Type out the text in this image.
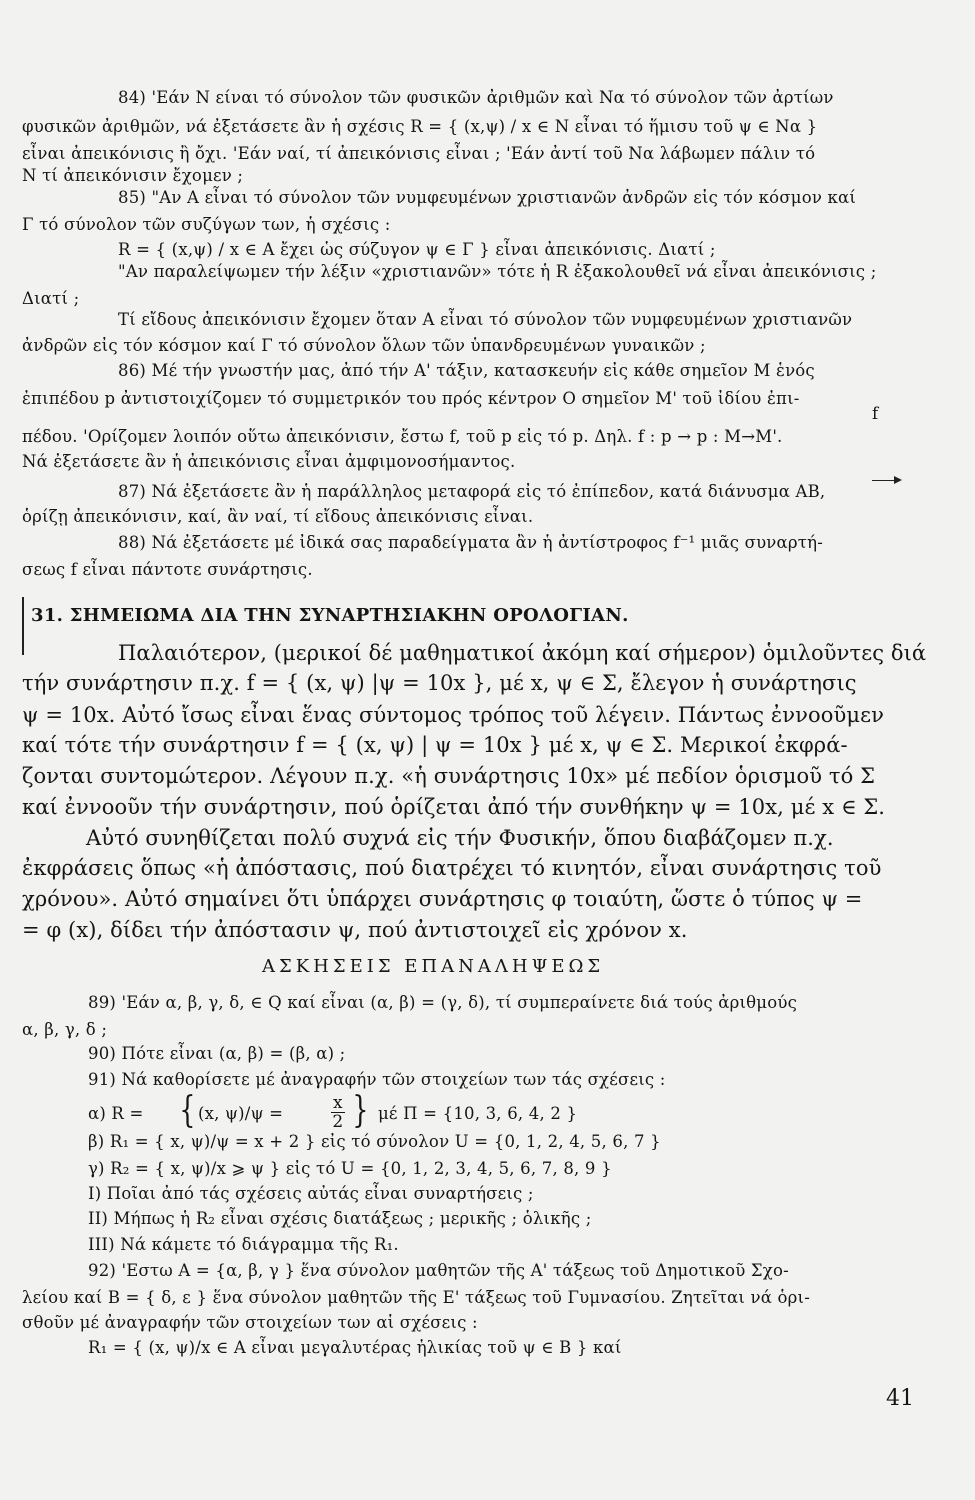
84) 'Εάν Ν είναι τό σύνολον τῶν φυσικῶν ἀριθμῶν καὶ Nα τό σύνολον τῶν ἀρτίων
φυσικῶν ἀριθμῶν, νά ἐξετάσετε ἂν ἡ σχέσις R = { (x,ψ) / x ∈ N εἶναι τό ἥμισυ τοῦ ψ ∈ Nα }
εἶναι ἀπεικόνισις ἢ ὄχι. 'Εάν ναί, τί ἀπεικόνισις εἶναι ; 'Εάν ἀντί τοῦ Nα λάβωμεν πάλιν τό
N τί ἀπεικόνισιν ἔχομεν ;
85) "Αν Α εἶναι τό σύνολον τῶν νυμφευμένων χριστιανῶν ἀνδρῶν εἰς τόν κόσμον καί
Γ τό σύνολον τῶν συζύγων των, ἡ σχέσις :
R = { (x,ψ) / x ∈ A ἔχει ὡς σύζυγον ψ ∈ Γ } εἶναι ἀπεικόνισις. Διατί ;
"Αν παραλείψωμεν τήν λέξιν «χριστιανῶν» τότε ἡ R ἐξακολουθεῖ νά εἶναι ἀπεικόνισις ;
Διατί ;
Τί εἴδους ἀπεικόνισιν ἔχομεν ὅταν Α εἶναι τό σύνολον τῶν νυμφευμένων χριστιανῶν
ἀνδρῶν εἰς τόν κόσμον καί Γ τό σύνολον ὅλων τῶν ὑπανδρευμένων γυναικῶν ;
86) Μέ τήν γνωστήν μας, ἀπό τήν Α' τάξιν, κατασκευήν εἰς κάθε σημεῖον Μ ἑνός
ἐπιπέδου p ἀντιστοιχίζομεν τό συμμετρικόν του πρός κέντρον Ο σημεῖον Μ' τοῦ ἰδίου ἐπι-
πέδου. 'Ορίζομεν λοιπόν οὕτω ἀπεικόνισιν, ἔστω f, τοῦ p εἰς τό p. Δηλ. f : p → p : M→M'.
Νά ἐξετάσετε ἂν ἡ ἀπεικόνισις εἶναι ἀμφιμονοσήμαντος.
87) Νά ἐξετάσετε ἂν ἡ παράλληλος μεταφορά εἰς τό ἐπίπεδον, κατά διάνυσμα AB,
ὁρίζῃ ἀπεικόνισιν, καί, ἂν ναί, τί εἴδους ἀπεικόνισις εἶναι.
88) Νά ἐξετάσετε μέ ἰδικά σας παραδείγματα ἂν ἡ ἀντίστροφος f⁻¹ μιᾶς συναρτή-
σεως f εἶναι πάντοτε συνάρτησις.
31. ΣΗΜΕΙΩΜΑ ΔΙΑ ΤΗΝ ΣΥΝΑΡΤΗΣΙΑΚΗΝ ΟΡΟΛΟΓΙΑΝ.
Παλαιότερον, (μερικοί δέ μαθηματικοί ἀκόμη καί σήμερον) ὁμιλοῦντες διά
τήν συνάρτησιν π.χ. f = { (x, ψ) |ψ = 10x }, μέ x, ψ ∈ Σ, ἔλεγον ἡ συνάρτησις
ψ = 10x. Αὐτό ἴσως εἶναι ἕνας σύντομος τρόπος τοῦ λέγειν. Πάντως ἐννοοῦμεν
καί τότε τήν συνάρτησιν f = { (x, ψ) | ψ = 10x } μέ x, ψ ∈ Σ. Μερικοί ἐκφρά-
ζονται συντομώτερον. Λέγουν π.χ. «ἡ συνάρτησις 10x» μέ πεδίον ὁρισμοῦ τό Σ
καί ἐννοοῦν τήν συνάρτησιν, πού ὁρίζεται ἀπό τήν συνθήκην ψ = 10x, μέ x ∈ Σ.
Αὐτό συνηθίζεται πολύ συχνά εἰς τήν Φυσικήν, ὅπου διαβάζομεν π.χ.
ἐκφράσεις ὅπως «ἡ ἀπόστασις, πού διατρέχει τό κινητόν, εἶναι συνάρτησις τοῦ
χρόνου». Αὐτό σημαίνει ὅτι ὑπάρχει συνάρτησις φ τοιαύτη, ὥστε ὁ τύπος ψ =
= φ (x), δίδει τήν ἀπόστασιν ψ, πού ἀντιστοιχεῖ εἰς χρόνον x.
ΑΣΚΗΣΕΙΣ ΕΠΑΝΑΛΗΨΕΩΣ
89) 'Εάν α, β, γ, δ, ∈ Q καί εἶναι (α, β) = (γ, δ), τί συμπεραίνετε διά τούς ἀριθμούς
α, β, γ, δ ;
90) Πότε εἶναι (α, β) = (β, α) ;
91) Νά καθορίσετε μέ ἀναγραφήν τῶν στοιχείων των τάς σχέσεις :
β) R₁ = { x, ψ)/ψ = x + 2 } εἰς τό σύνολον U = {0, 1, 2, 4, 5, 6, 7 }
γ) R₂ = { x, ψ)/x ⩾ ψ } εἰς τό U = {0, 1, 2, 3, 4, 5, 6, 7, 8, 9 }
I) Ποῖαι ἀπό τάς σχέσεις αὐτάς εἶναι συναρτήσεις ;
II) Μήπως ἡ R₂ εἶναι σχέσις διατάξεως ; μερικῆς ; ὁλικῆς ;
III) Νά κάμετε τό διάγραμμα τῆς R₁.
92) 'Εστω Α = {α, β, γ } ἕνα σύνολον μαθητῶν τῆς Α' τάξεως τοῦ Δημοτικοῦ Σχο-
λείου καί Β = { δ, ε } ἕνα σύνολον μαθητῶν τῆς Ε' τάξεως τοῦ Γυμνασίου. Ζητεῖται νά ὁρι-
σθοῦν μέ ἀναγραφήν τῶν στοιχείων των αἱ σχέσεις :
R₁ = { (x, ψ)/x ∈ A εἶναι μεγαλυτέρας ἡλικίας τοῦ ψ ∈ B } καί
f
α) R = { (x, ψ)/ψ =	$\frac{x}{2}$ } μέ Π = {10, 3, 6, 4, 2 }
41
